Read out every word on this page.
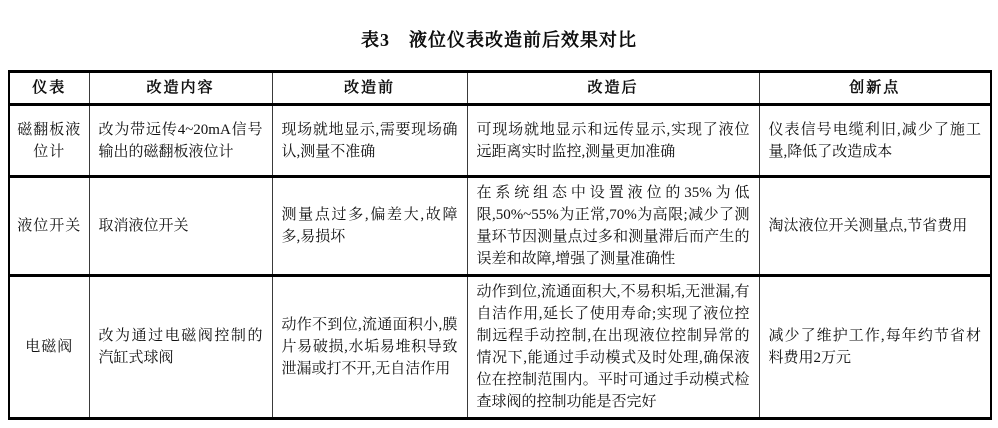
表3　液位仪表改造前后效果对比
仪表	改造内容	改造前	改造后	创新点
磁翻板液位计	改为带远传4~20mA信号输出的磁翻板液位计	现场就地显示,需要现场确认,测量不准确	可现场就地显示和远传显示,实现了液位远距离实时监控,测量更加准确	仪表信号电缆利旧,减少了施工量,降低了改造成本
液位开关	取消液位开关	测量点过多,偏差大,故障多,易损坏	在系统组态中设置液位的35%为低限,50%~55%为正常,70%为高限;减少了测量环节因测量点过多和测量滞后而产生的误差和故障,增强了测量准确性	淘汰液位开关测量点,节省费用
电磁阀	改为通过电磁阀控制的汽缸式球阀	动作不到位,流通面积小,膜片易破损,水垢易堆积导致泄漏或打不开,无自洁作用	动作到位,流通面积大,不易积垢,无泄漏,有自洁作用,延长了使用寿命;实现了液位控制远程手动控制,在出现液位控制异常的情况下,能通过手动模式及时处理,确保液位在控制范围内。平时可通过手动模式检查球阀的控制功能是否完好	减少了维护工作,每年约节省材料费用2万元
